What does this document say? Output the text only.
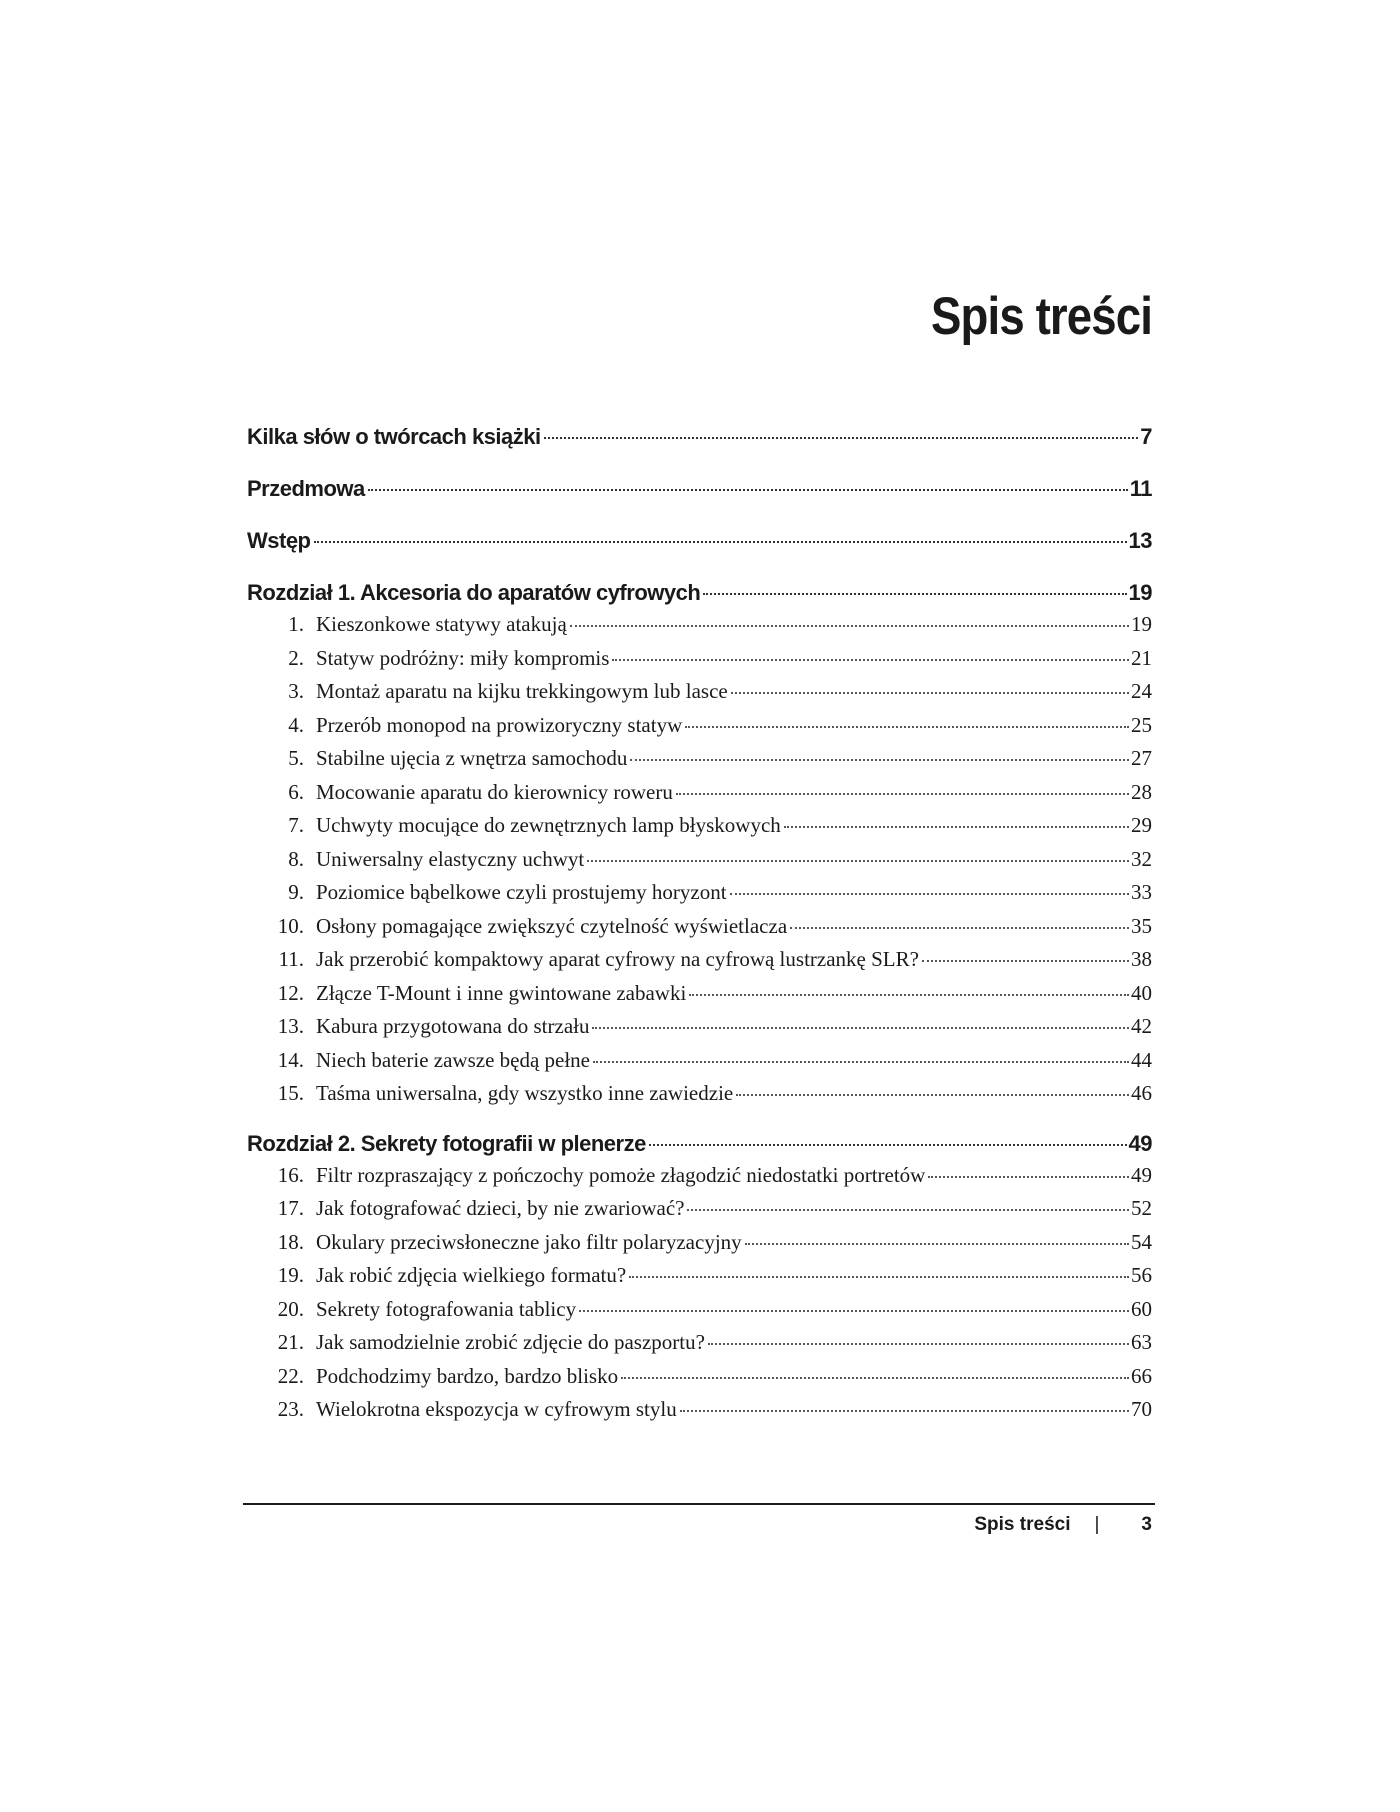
Spis treści
Kilka słów o twórcach książki	7
Przedmowa	11
Wstęp	13
Rozdział 1. Akcesoria do aparatów cyfrowych	19
1. Kieszonkowe statywy atakują	19
2. Statyw podróżny: miły kompromis	21
3. Montaż aparatu na kijku trekkingowym lub lasce	24
4. Przerób monopod na prowizoryczny statyw	25
5. Stabilne ujęcia z wnętrza samochodu	27
6. Mocowanie aparatu do kierownicy roweru	28
7. Uchwyty mocujące do zewnętrznych lamp błyskowych	29
8. Uniwersalny elastyczny uchwyt	32
9. Poziomice bąbelkowe czyli prostujemy horyzont	33
10. Osłony pomagające zwiększyć czytelność wyświetlacza	35
11. Jak przerobić kompaktowy aparat cyfrowy na cyfrową lustrzankę SLR?	38
12. Złącze T-Mount i inne gwintowane zabawki	40
13. Kabura przygotowana do strzału	42
14. Niech baterie zawsze będą pełne	44
15. Taśma uniwersalna, gdy wszystko inne zawiedzie	46
Rozdział 2. Sekrety fotografii w plenerze	49
16. Filtr rozpraszający z pończochy pomoże złagodzić niedostatki portretów	49
17. Jak fotografować dzieci, by nie zwariować?	52
18. Okulary przeciwsłoneczne jako filtr polaryzacyjny	54
19. Jak robić zdjęcia wielkiego formatu?	56
20. Sekrety fotografowania tablicy	60
21. Jak samodzielnie zrobić zdjęcie do paszportu?	63
22. Podchodzimy bardzo, bardzo blisko	66
23. Wielokrotna ekspozycja w cyfrowym stylu	70
Spis treści | 3
